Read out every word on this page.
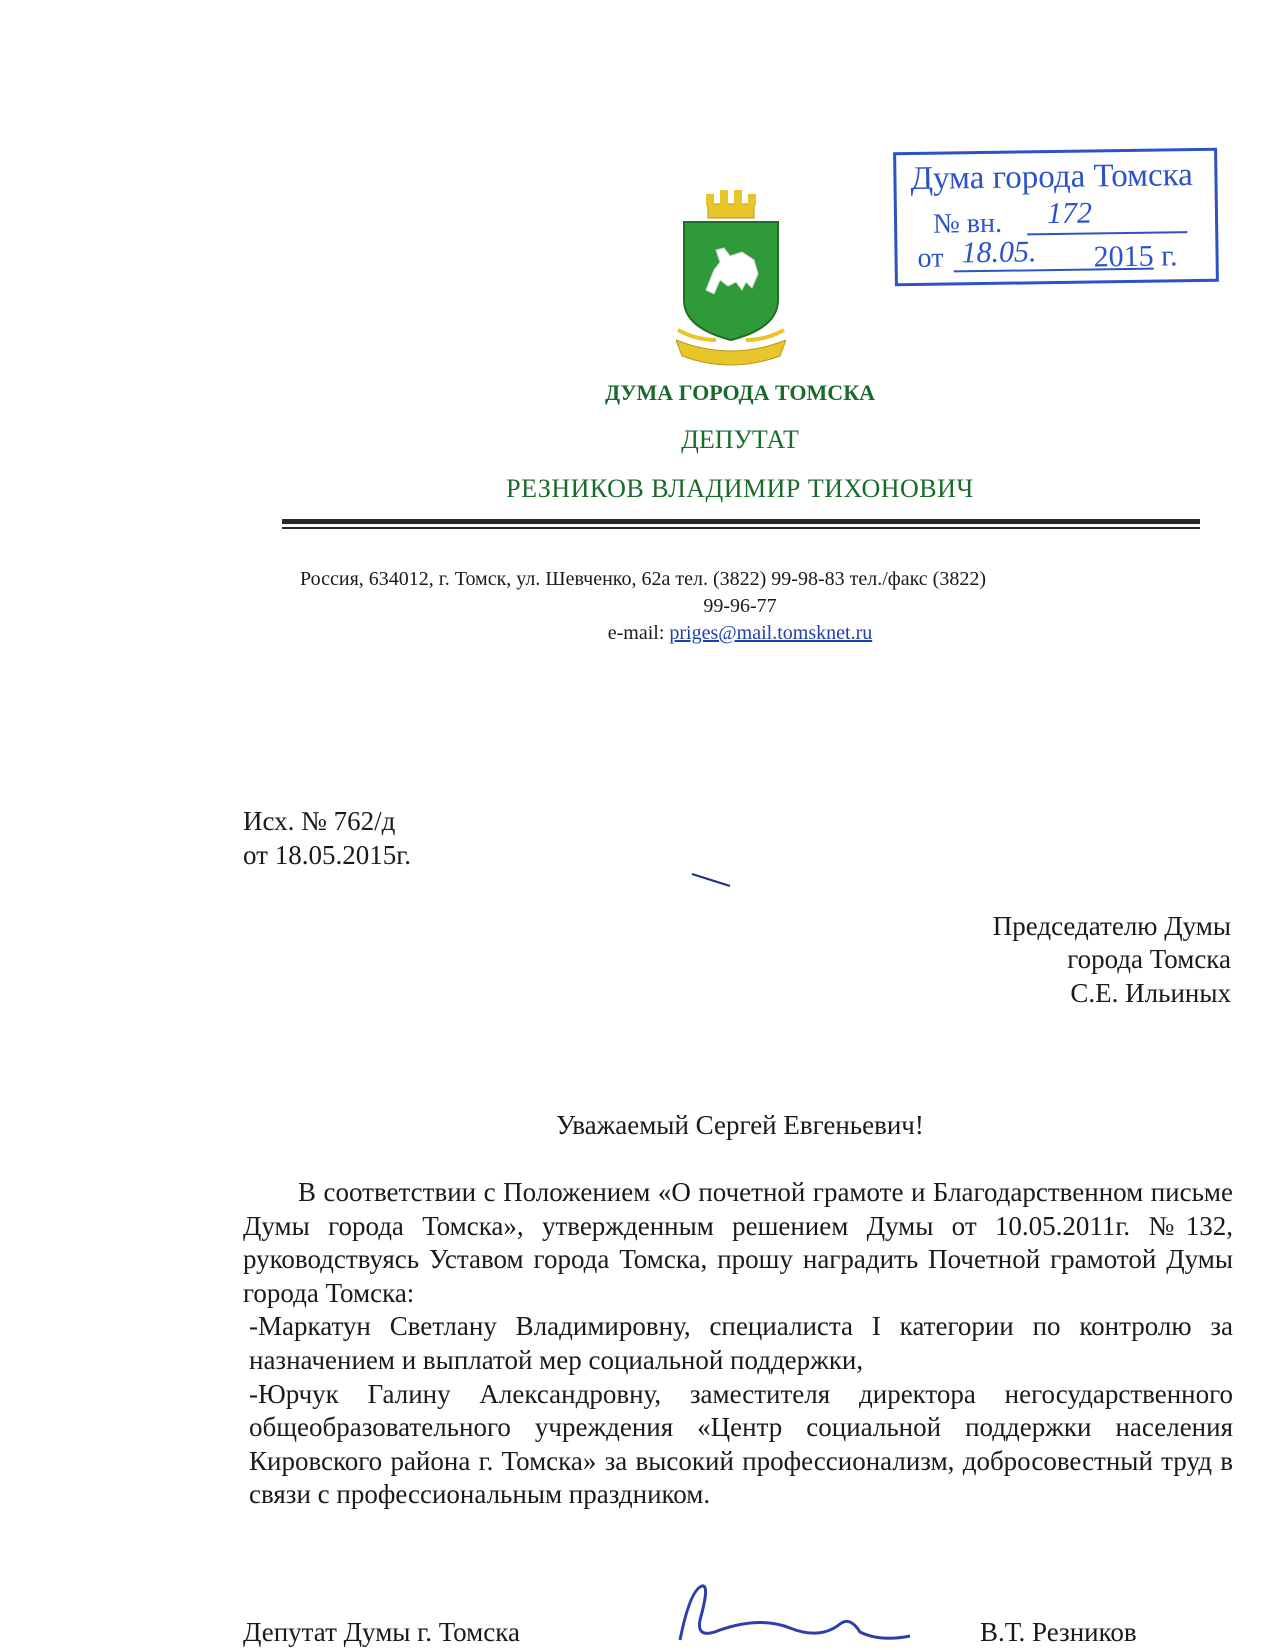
Дума города Томска
№ вн. 172
от 18.05. 2015 г.
ДУМА ГОРОДА ТОМСКА
ДЕПУТАТ
РЕЗНИКОВ ВЛАДИМИР ТИХОНОВИЧ
Россия, 634012, г. Томск, ул. Шевченко, 62а тел. (3822) 99-98-83 тел./факс (3822)
99-96-77
e-mail: priges@mail.tomsknet.ru
Исх. № 762/д
от 18.05.2015г.
Председателю Думы
города Томска
С.Е. Ильиных
Уважаемый Сергей Евгеньевич!

В соответствии с Положением «О почетной грамоте и Благодарственном письме Думы города Томска», утвержденным решением Думы от 10.05.2011г. №132, руководствуясь Уставом города Томска, прошу наградить Почетной грамотой Думы города Томска:

-Маркатун Светлану Владимировну, специалиста I категории по контролю за назначением и выплатой мер социальной поддержки,

-Юрчук Галину Александровну, заместителя директора негосударственного общеобразовательного учреждения «Центр социальной поддержки населения Кировского района г. Томска» за высокий профессионализм, добросовестный труд в связи с профессиональным праздником.

Депутат Думы г. Томска	В.Т. Резников
